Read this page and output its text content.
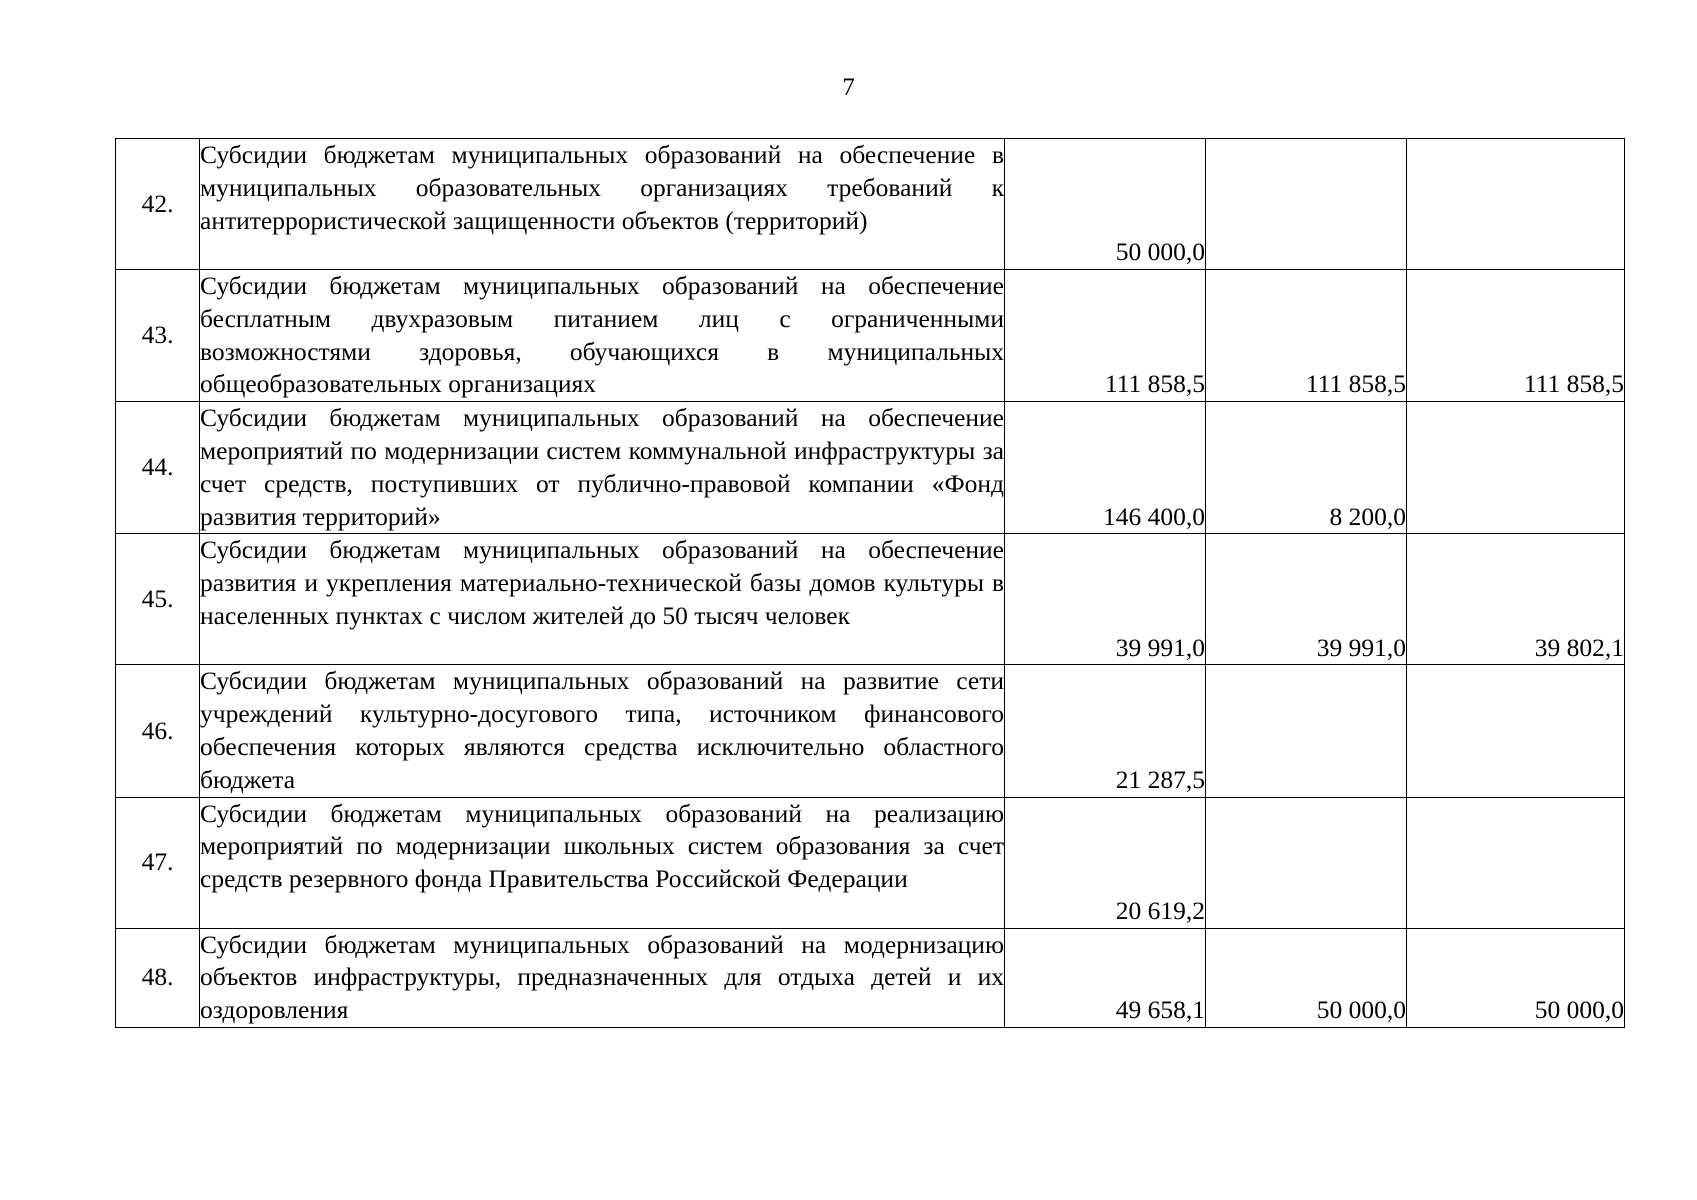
7
42.	Субсидии бюджетам муниципальных образований на обеспечение в муниципальных образовательных организациях требований к антитеррористической защищенности объектов (территорий)	50 000,0		
43.	Субсидии бюджетам муниципальных образований на обеспечение бесплатным двухразовым питанием лиц с ограниченными возможностями здоровья, обучающихся в муниципальных общеобразовательных организациях	111 858,5	111 858,5	111 858,5
44.	Субсидии бюджетам муниципальных образований на обеспечение мероприятий по модернизации систем коммунальной инфраструктуры за счет средств, поступивших от публично-правовой компании «Фонд развития территорий»	146 400,0	8 200,0	
45.	Субсидии бюджетам муниципальных образований на обеспечение развития и укрепления материально-технической базы домов культуры в населенных пунктах с числом жителей до 50 тысяч человек	39 991,0	39 991,0	39 802,1
46.	Субсидии бюджетам муниципальных образований на развитие сети учреждений культурно-досугового типа, источником финансового обеспечения которых являются средства исключительно областного бюджета	21 287,5		
47.	Субсидии бюджетам муниципальных образований на реализацию мероприятий по модернизации школьных систем образования за счет средств резервного фонда Правительства Российской Федерации	20 619,2		
48.	Субсидии бюджетам муниципальных образований на модернизацию объектов инфраструктуры, предназначенных для отдыха детей и их оздоровления	49 658,1	50 000,0	50 000,0
